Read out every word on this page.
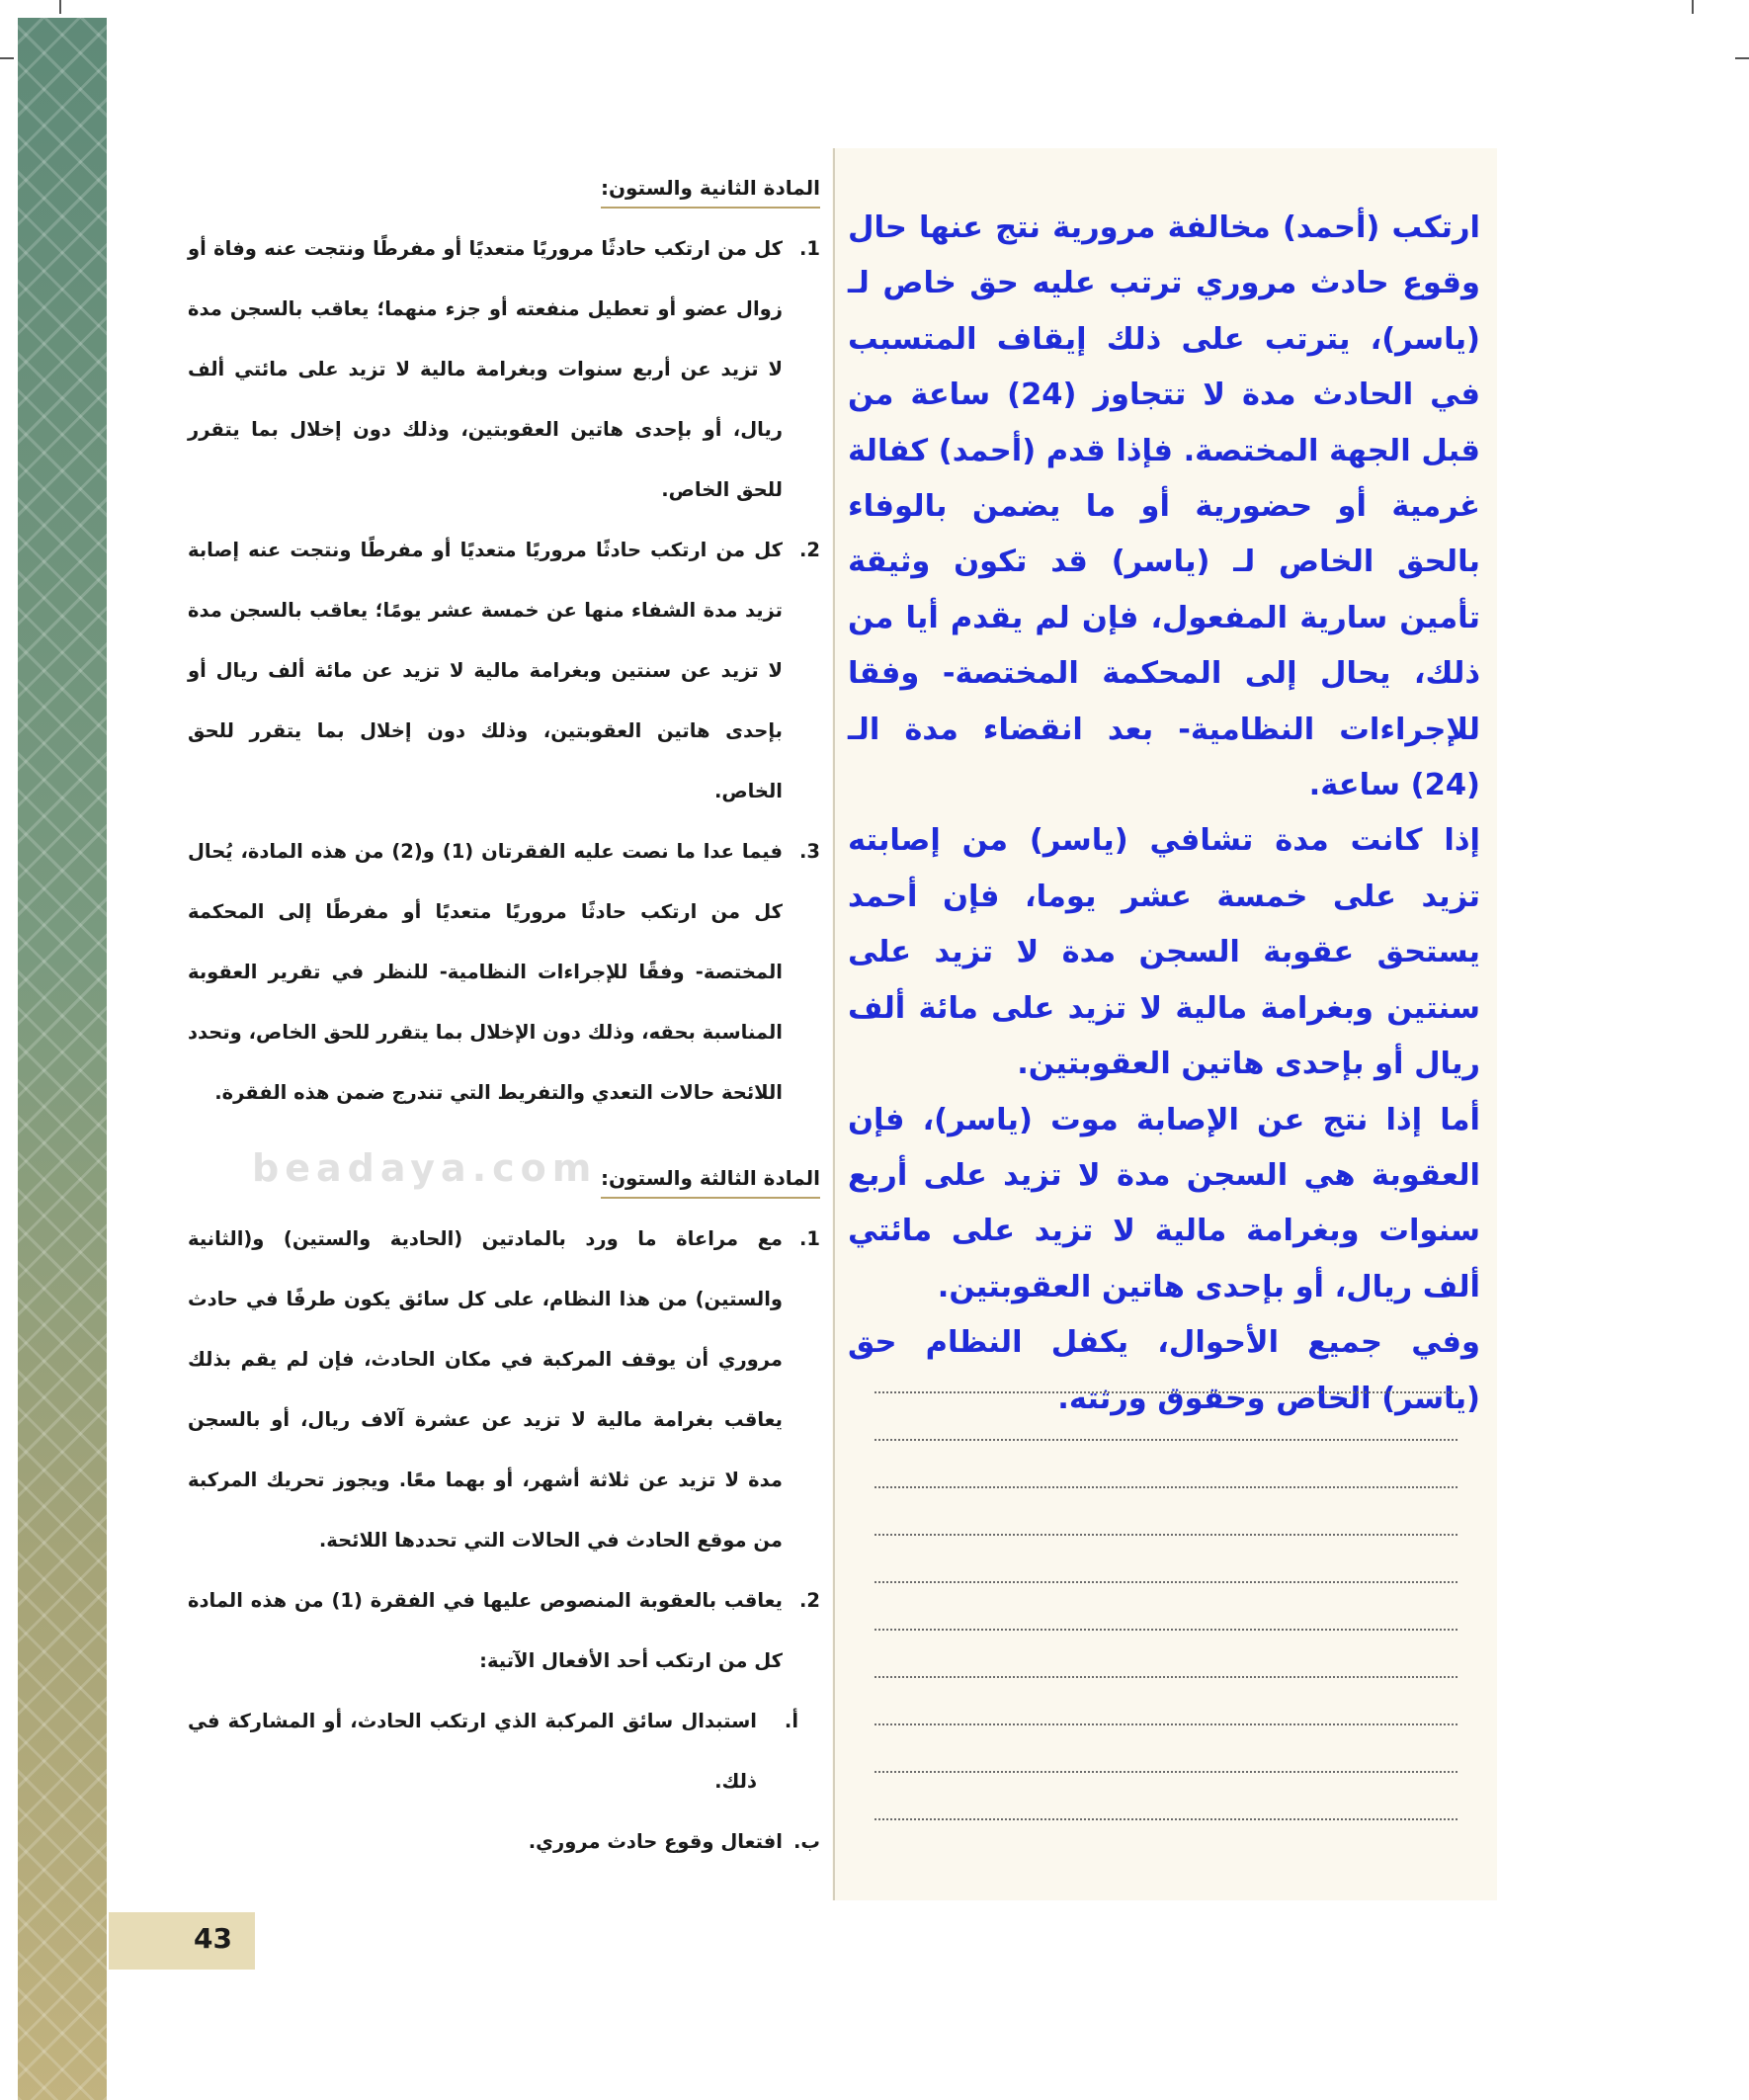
المادة الثانية والستون:
1.
كل من ارتكب حادثًا مروريًا متعديًا أو مفرطًا ونتجت عنه وفاة أو زوال عضو أو تعطيل منفعته أو جزء منهما؛ يعاقب بالسجن مدة لا تزيد عن أربع سنوات وبغرامة مالية لا تزيد على مائتي ألف ريال، أو بإحدى هاتين العقوبتين، وذلك دون إخلال بما يتقرر للحق الخاص.
2.
كل من ارتكب حادثًا مروريًا متعديًا أو مفرطًا ونتجت عنه إصابة تزيد مدة الشفاء منها عن خمسة عشر يومًا؛ يعاقب بالسجن مدة لا تزيد عن سنتين وبغرامة مالية لا تزيد عن مائة ألف ريال أو بإحدى هاتين العقوبتين، وذلك دون إخلال بما يتقرر للحق الخاص.
3.
فيما عدا ما نصت عليه الفقرتان (1) و(2) من هذه المادة، يُحال كل من ارتكب حادثًا مروريًا متعديًا أو مفرطًا إلى المحكمة المختصة- وفقًا للإجراءات النظامية- للنظر في تقرير العقوبة المناسبة بحقه، وذلك دون الإخلال بما يتقرر للحق الخاص، وتحدد اللائحة حالات التعدي والتفريط التي تندرج ضمن هذه الفقرة.
المادة الثالثة والستون:
1.
مع مراعاة ما ورد بالمادتين (الحادية والستين) و(الثانية والستين) من هذا النظام، على كل سائق يكون طرفًا في حادث مروري أن يوقف المركبة في مكان الحادث، فإن لم يقم بذلك يعاقب بغرامة مالية لا تزيد عن عشرة آلاف ريال، أو بالسجن مدة لا تزيد عن ثلاثة أشهر، أو بهما معًا. ويجوز تحريك المركبة من موقع الحادث في الحالات التي تحددها اللائحة.
2.
يعاقب بالعقوبة المنصوص عليها في الفقرة (1) من هذه المادة كل من ارتكب أحد الأفعال الآتية:
أ.
استبدال سائق المركبة الذي ارتكب الحادث، أو المشاركة في ذلك.
ب.
افتعال وقوع حادث مروري.
beadaya.com

ارتكب (أحمد) مخالفة مرورية نتج عنها حال وقوع حادث مروري ترتب عليه حق خاص لـ (ياسر)، يترتب على ذلك إيقاف المتسبب في الحادث مدة لا تتجاوز (24) ساعة من قبل الجهة المختصة. فإذا قدم (أحمد) كفالة غرمية أو حضورية أو ما يضمن بالوفاء بالحق الخاص لـ (ياسر) قد تكون وثيقة تأمين سارية المفعول، فإن لم يقدم أيا من ذلك، يحال إلى المحكمة المختصة- وفقا للإجراءات النظامية- بعد انقضاء مدة الـ (24) ساعة.

إذا كانت مدة تشافي (ياسر) من إصابته تزيد على خمسة عشر يوما، فإن أحمد يستحق عقوبة السجن مدة لا تزيد على سنتين وبغرامة مالية لا تزيد على مائة ألف ريال أو بإحدى هاتين العقوبتين.

أما إذا نتج عن الإصابة موت (ياسر)، فإن العقوبة هي السجن مدة لا تزيد على أربع سنوات وبغرامة مالية لا تزيد على مائتي ألف ريال، أو بإحدى هاتين العقوبتين.

وفي جميع الأحوال، يكفل النظام حق (ياسر) الخاص وحقوق ورثته.

43
